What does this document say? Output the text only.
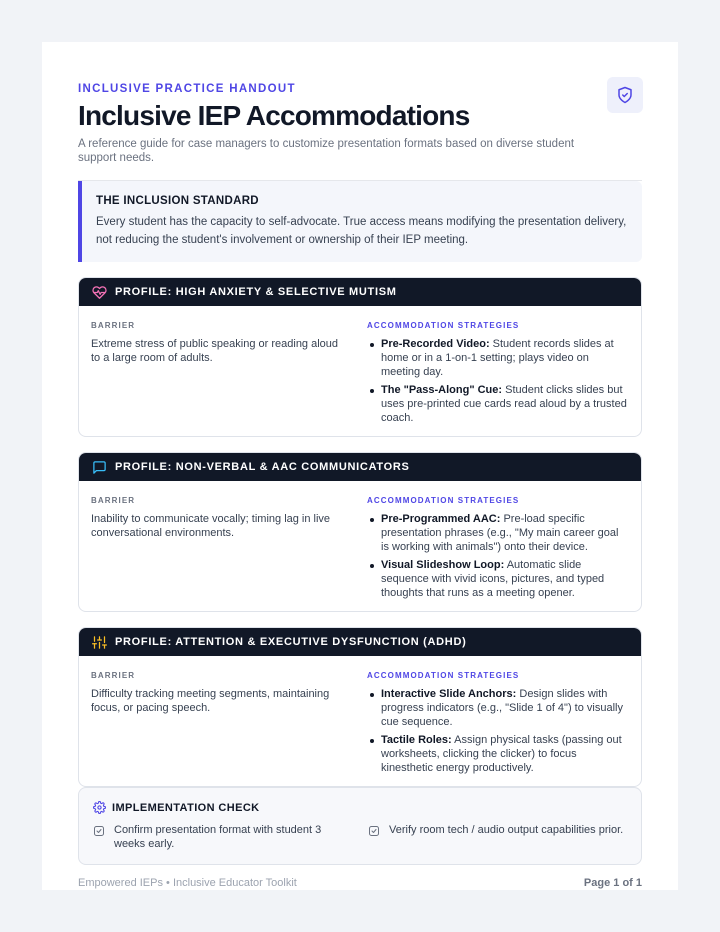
INCLUSIVE PRACTICE HANDOUT
Inclusive IEP Accommodations
A reference guide for case managers to customize presentation formats based on diverse student support needs.
THE INCLUSION STANDARD

Every student has the capacity to self-advocate. True access means modifying the presentation delivery, not reducing the student's involvement or ownership of their IEP meeting.

PROFILE: HIGH ANXIETY & SELECTIVE MUTISM
BARRIER
Extreme stress of public speaking or reading aloud to a large room of adults.
ACCOMMODATION STRATEGIES
Pre-Recorded Video: Student records slides at home or in a 1-on-1 setting; plays video on meeting day.
The "Pass-Along" Cue: Student clicks slides but uses pre-printed cue cards read aloud by a trusted coach.
PROFILE: NON-VERBAL & AAC COMMUNICATORS
BARRIER
Inability to communicate vocally; timing lag in live conversational environments.
ACCOMMODATION STRATEGIES
Pre-Programmed AAC: Pre-load specific presentation phrases (e.g., "My main career goal is working with animals") onto their device.
Visual Slideshow Loop: Automatic slide sequence with vivid icons, pictures, and typed thoughts that runs as a meeting opener.
PROFILE: ATTENTION & EXECUTIVE DYSFUNCTION (ADHD)
BARRIER
Difficulty tracking meeting segments, maintaining focus, or pacing speech.
ACCOMMODATION STRATEGIES
Interactive Slide Anchors: Design slides with progress indicators (e.g., "Slide 1 of 4") to visually cue sequence.
Tactile Roles: Assign physical tasks (passing out worksheets, clicking the clicker) to focus kinesthetic energy productively.
IMPLEMENTATION CHECK
Confirm presentation format with student 3 weeks early.
Verify room tech / audio output capabilities prior.
Empowered IEPs • Inclusive Educator Toolkit	Page 1 of 1
